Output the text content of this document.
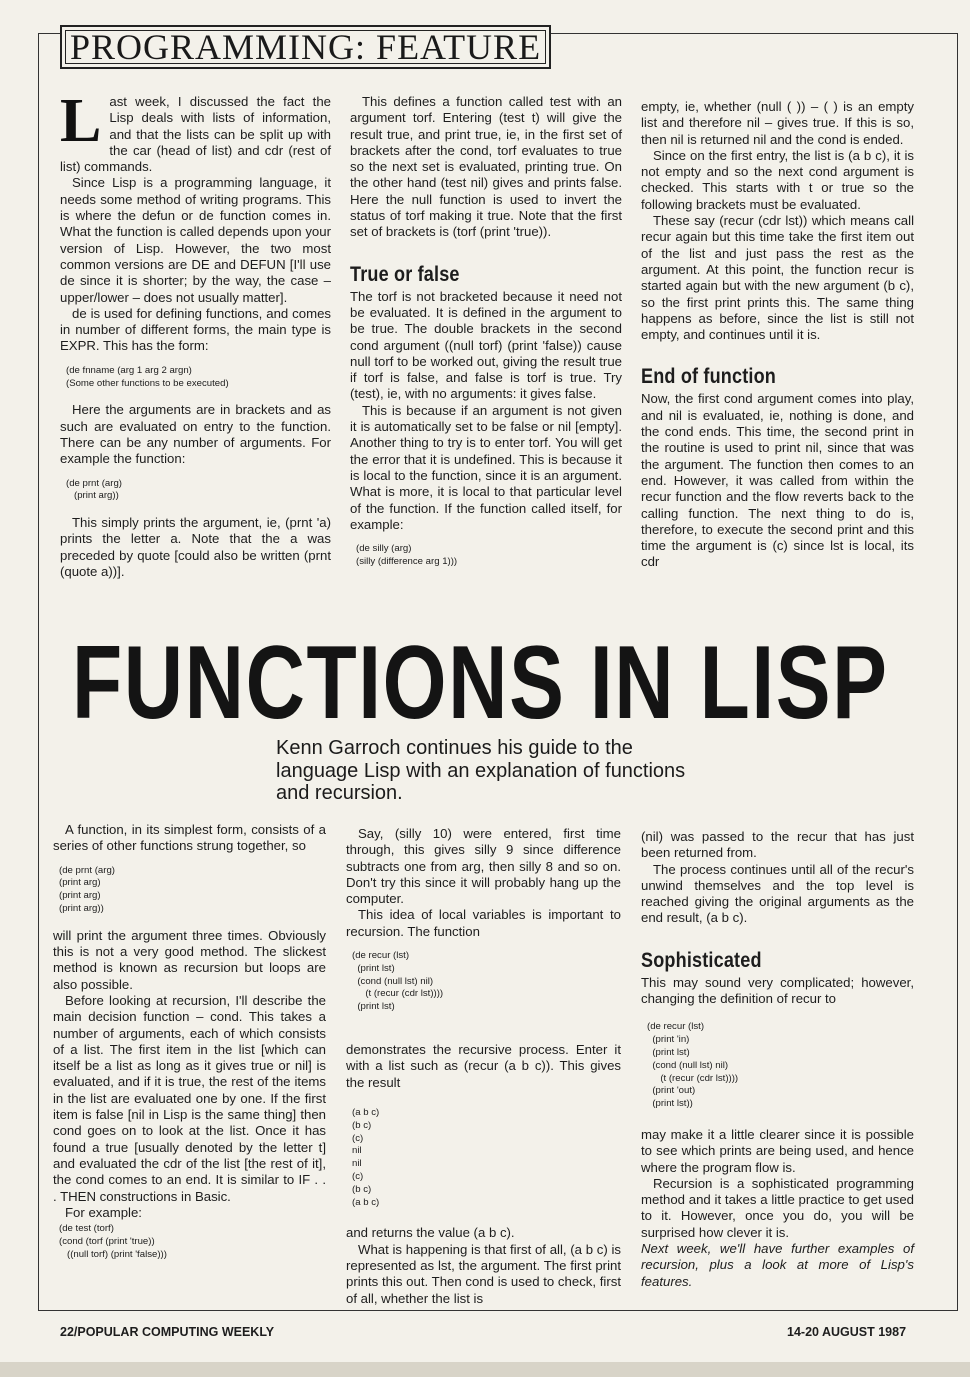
PROGRAMMING: FEATURE

Last week, I discussed the fact the Lisp deals with lists of information, and that the lists can be split up with the car (head of list) and cdr (rest of list) commands.

Since Lisp is a programming language, it needs some method of writing programs. This is where the defun or de function comes in. What the function is called depends upon your version of Lisp. However, the two most common versions are DE and DEFUN [I'll use de since it is shorter; by the way, the case – upper/lower – does not usually matter].

de is used for defining functions, and comes in number of different forms, the main type is EXPR. This has the form:

(de fnname (arg 1 arg 2 argn)
(Some other functions to be executed)

Here the arguments are in brackets and as such are evaluated on entry to the function. There can be any number of arguments. For example the function:

(de prnt (arg)
(print arg))

This simply prints the argument, ie, (prnt 'a) prints the letter a. Note that the a was preceded by quote [could also be written (prnt (quote a))].

This defines a function called test with an argument torf. Entering (test t) will give the result true, and print true, ie, in the first set of brackets after the cond, torf evaluates to true so the next set is evaluated, printing true. On the other hand (test nil) gives and prints false. Here the null function is used to invert the status of torf making it true. Note that the first set of brackets is (torf (print 'true)).

True or false

The torf is not bracketed because it need not be evaluated. It is defined in the argument to be true. The double brackets in the second cond argument ((null torf) (print 'false)) cause null torf to be worked out, giving the result true if torf is false, and false is torf is true. Try (test), ie, with no arguments: it gives false.

This is because if an argument is not given it is automatically set to be false or nil [empty]. Another thing to try is to enter torf. You will get the error that it is undefined. This is because it is local to the function, since it is an argument. What is more, it is local to that particular level of the function. If the function called itself, for example:

(de silly (arg)
(silly (difference arg 1)))

empty, ie, whether (null ( )) – ( ) is an empty list and therefore nil – gives true. If this is so, then nil is returned nil and the cond is ended.

Since on the first entry, the list is (a b c), it is not empty and so the next cond argument is checked. This starts with t or true so the following brackets must be evaluated.

These say (recur (cdr lst)) which means call recur again but this time take the first item out of the list and just pass the rest as the argument. At this point, the function recur is started again but with the new argument (b c), so the first print prints this. The same thing happens as before, since the list is still not empty, and continues until it is.

End of function

Now, the first cond argument comes into play, and nil is evaluated, ie, nothing is done, and the cond ends. This time, the second print in the routine is used to print nil, since that was the argument. The function then comes to an end. However, it was called from within the recur function and the flow reverts back to the calling function. The next thing to do is, therefore, to execute the second print and this time the argument is (c) since lst is local, its cdr

FUNCTIONS IN LISP
Kenn Garroch continues his guide to the language Lisp with an explanation of functions and recursion.

A function, in its simplest form, consists of a series of other functions strung together, so

(de prnt (arg)
(print arg)
(print arg)
(print arg))

will print the argument three times. Obviously this is not a very good method. The slickest method is known as recursion but loops are also possible.

Before looking at recursion, I'll describe the main decision function – cond. This takes a number of arguments, each of which consists of a list. The first item in the list [which can itself be a list as long as it gives true or nil] is evaluated, and if it is true, the rest of the items in the list are evaluated one by one. If the first item is false [nil in Lisp is the same thing] then cond goes on to look at the list. Once it has found a true [usually denoted by the letter t] and evaluated the cdr of the list [the rest of it], the cond comes to an end. It is similar to IF . . . THEN constructions in Basic.

For example:

(de test (torf)
(cond (torf (print 'true))
((null torf) (print 'false)))

Say, (silly 10) were entered, first time through, this gives silly 9 since difference subtracts one from arg, then silly 8 and so on. Don't try this since it will probably hang up the computer.

This idea of local variables is important to recursion. The function

(de recur (lst)
(print lst)
(cond (null lst) nil)
(t (recur (cdr lst))))
(print lst)

demonstrates the recursive process. Enter it with a list such as (recur (a b c)). This gives the result

(a b c)
(b c)
(c)
nil
nil
(c)
(b c)
(a b c)

and returns the value (a b c).

What is happening is that first of all, (a b c) is represented as lst, the argument. The first print prints this out. Then cond is used to check, first of all, whether the list is

(nil) was passed to the recur that has just been returned from.

The process continues until all of the recur's unwind themselves and the top level is reached giving the original arguments as the end result, (a b c).

Sophisticated

This may sound very complicated; however, changing the definition of recur to

(de recur (lst)
(print 'in)
(print lst)
(cond (null lst) nil)
(t (recur (cdr lst))))
(print 'out)
(print lst))

may make it a little clearer since it is possible to see which prints are being used, and hence where the program flow is.

Recursion is a sophisticated programming method and it takes a little practice to get used to it. However, once you do, you will be surprised how clever it is.

Next week, we'll have further examples of recursion, plus a look at more of Lisp's features.

22/POPULAR COMPUTING WEEKLY	14-20 AUGUST 1987
